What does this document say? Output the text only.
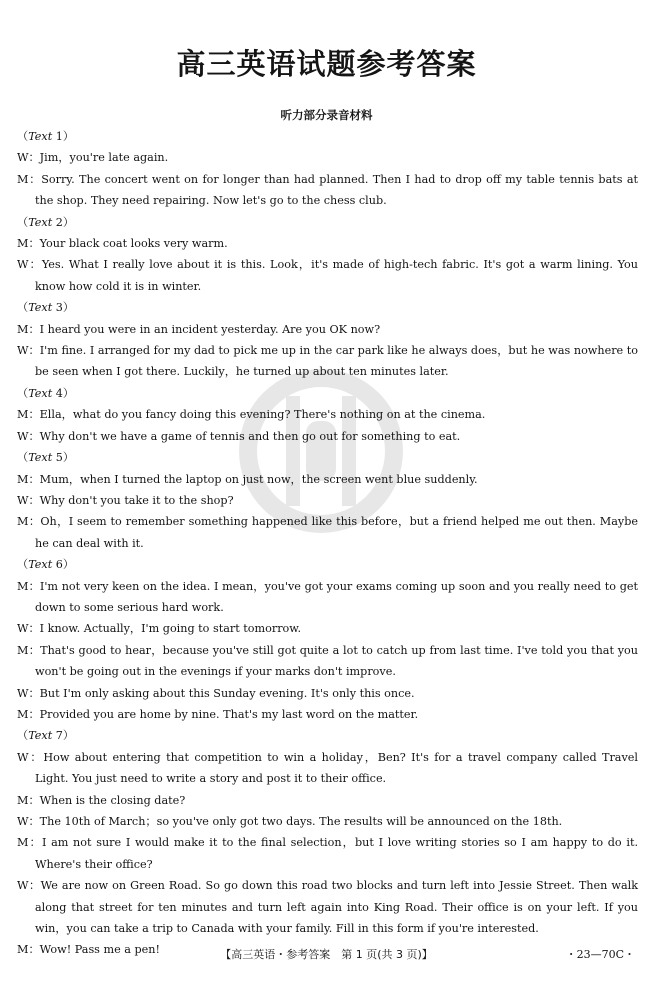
高三英语试题参考答案
听力部分录音材料

（Text 1）

W：Jim，you're late again.

M：Sorry. The concert went on for longer than had planned. Then I had to drop off my table tennis bats at the shop. They need repairing. Now let's go to the chess club.

（Text 2）

M：Your black coat looks very warm.

W：Yes. What I really love about it is this. Look，it's made of high-tech fabric. It's got a warm lining. You know how cold it is in winter.

（Text 3）

M：I heard you were in an incident yesterday. Are you OK now?

W：I'm fine. I arranged for my dad to pick me up in the car park like he always does，but he was nowhere to be seen when I got there. Luckily，he turned up about ten minutes later.

（Text 4）

M：Ella，what do you fancy doing this evening? There's nothing on at the cinema.

W：Why don't we have a game of tennis and then go out for something to eat.

（Text 5）

M：Mum，when I turned the laptop on just now，the screen went blue suddenly.

W：Why don't you take it to the shop?

M：Oh，I seem to remember something happened like this before，but a friend helped me out then. Maybe he can deal with it.

（Text 6）

M：I'm not very keen on the idea. I mean，you've got your exams coming up soon and you really need to get down to some serious hard work.

W：I know. Actually，I'm going to start tomorrow.

M：That's good to hear，because you've still got quite a lot to catch up from last time. I've told you that you won't be going out in the evenings if your marks don't improve.

W：But I'm only asking about this Sunday evening. It's only this once.

M：Provided you are home by nine. That's my last word on the matter.

（Text 7）

W：How about entering that competition to win a holiday，Ben? It's for a travel company called Travel Light. You just need to write a story and post it to their office.

M：When is the closing date?

W：The 10th of March；so you've only got two days. The results will be announced on the 18th.

M：I am not sure I would make it to the final selection，but I love writing stories so I am happy to do it. Where's their office?

W：We are now on Green Road. So go down this road two blocks and turn left into Jessie Street. Then walk along that street for ten minutes and turn left again into King Road. Their office is on your left. If you win，you can take a trip to Canada with your family. Fill in this form if you're interested.

M：Wow! Pass me a pen!	【高三英语・参考答案　第 1 页(共 3 页)】	・23—70C・
